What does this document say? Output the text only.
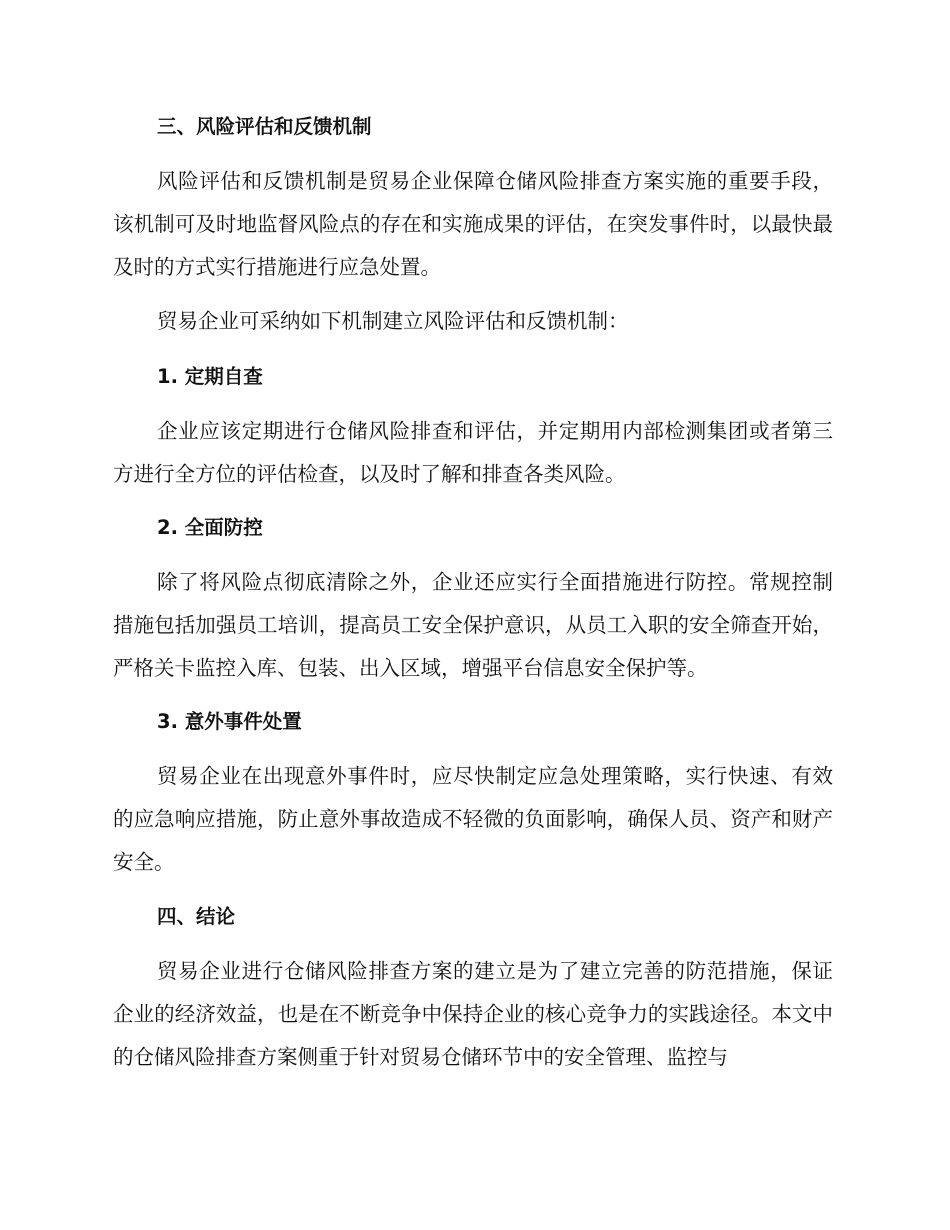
三、风险评估和反馈机制

风险评估和反馈机制是贸易企业保障仓储风险排查方案实施的重要手段，该机制可及时地监督风险点的存在和实施成果的评估，在突发事件时，以最快最及时的方式实行措施进行应急处置。

贸易企业可采纳如下机制建立风险评估和反馈机制：

1. 定期自查

企业应该定期进行仓储风险排查和评估，并定期用内部检测集团或者第三方进行全方位的评估检查，以及时了解和排查各类风险。

2. 全面防控

除了将风险点彻底清除之外，企业还应实行全面措施进行防控。常规控制措施包括加强员工培训，提高员工安全保护意识，从员工入职的安全筛查开始，严格关卡监控入库、包装、出入区域，增强平台信息安全保护等。

3. 意外事件处置

贸易企业在出现意外事件时，应尽快制定应急处理策略，实行快速、有效的应急响应措施，防止意外事故造成不轻微的负面影响，确保人员、资产和财产安全。

四、结论

贸易企业进行仓储风险排查方案的建立是为了建立完善的防范措施，保证企业的经济效益，也是在不断竞争中保持企业的核心竞争力的实践途径。本文中的仓储风险排查方案侧重于针对贸易仓储环节中的安全管理、监控与
